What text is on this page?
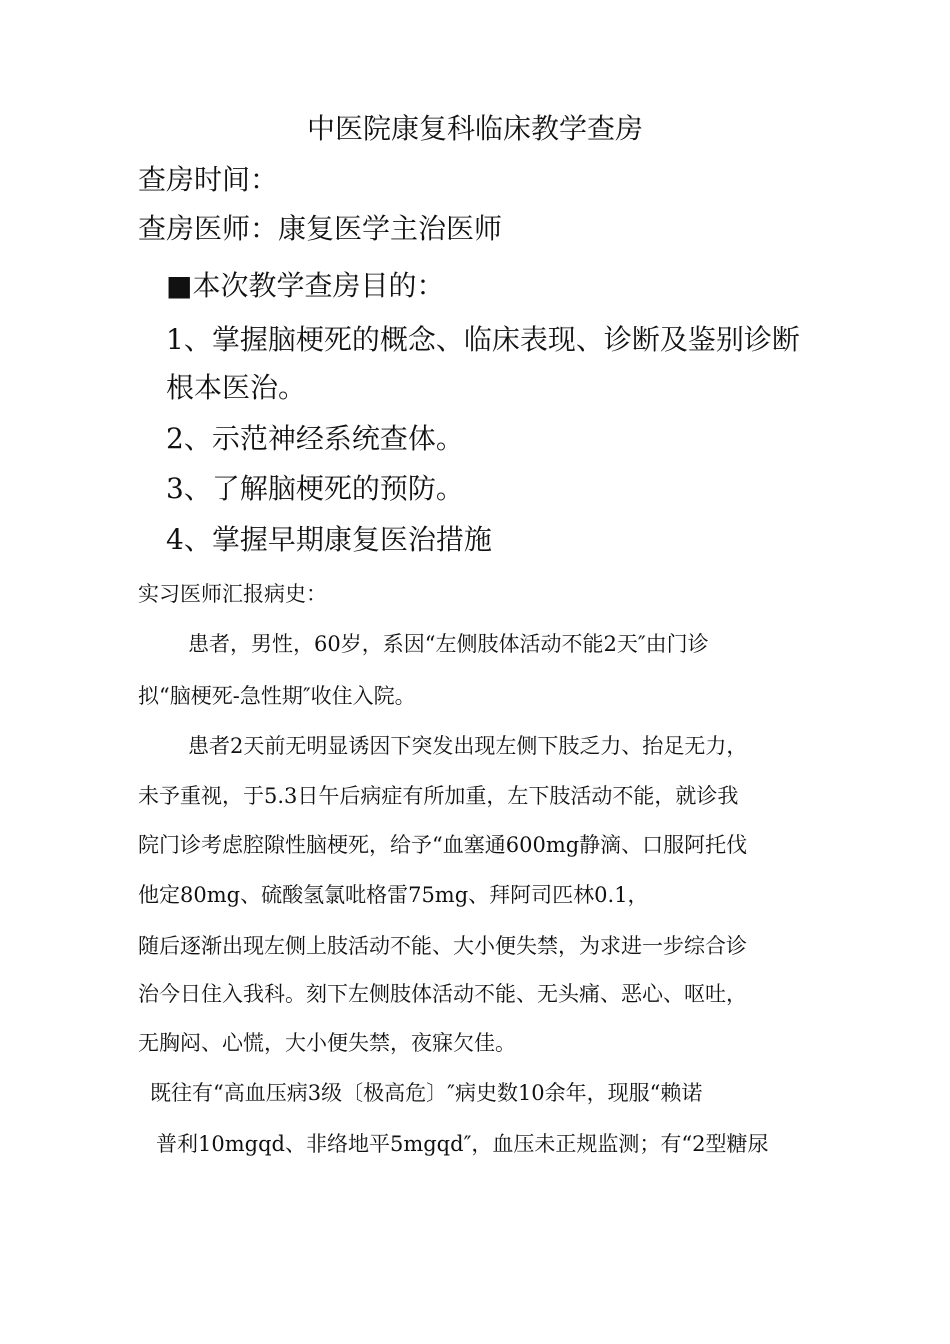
中医院康复科临床教学查房
查房时间：
查房医师：康复医学主治医师
■本次教学查房目的：
1、掌握脑梗死的概念、临床表现、诊断及鉴别诊断
根本医治。
2、示范神经系统查体。
3、了解脑梗死的预防。
4、掌握早期康复医治措施
实习医师汇报病史：
患者，男性，60岁，系因“左侧肢体活动不能2天″由门诊
拟“脑梗死-急性期″收住入院。
患者2天前无明显诱因下突发出现左侧下肢乏力、抬足无力，
未予重视，于5.3日午后病症有所加重，左下肢活动不能，就诊我
院门诊考虑腔隙性脑梗死，给予“血塞通600mg静滴、口服阿托伐
他定80mg、硫酸氢氯吡格雷75mg、拜阿司匹林0.1，
随后逐渐出现左侧上肢活动不能、大小便失禁，为求进一步综合诊
治今日住入我科。刻下左侧肢体活动不能、无头痛、恶心、呕吐，
无胸闷、心慌，大小便失禁，夜寐欠佳。
既往有“高血压病3级〔极高危〕″病史数10余年，现服“赖诺
普利10mgqd、非络地平5mgqd″，血压未正规监测；有“2型糖尿
